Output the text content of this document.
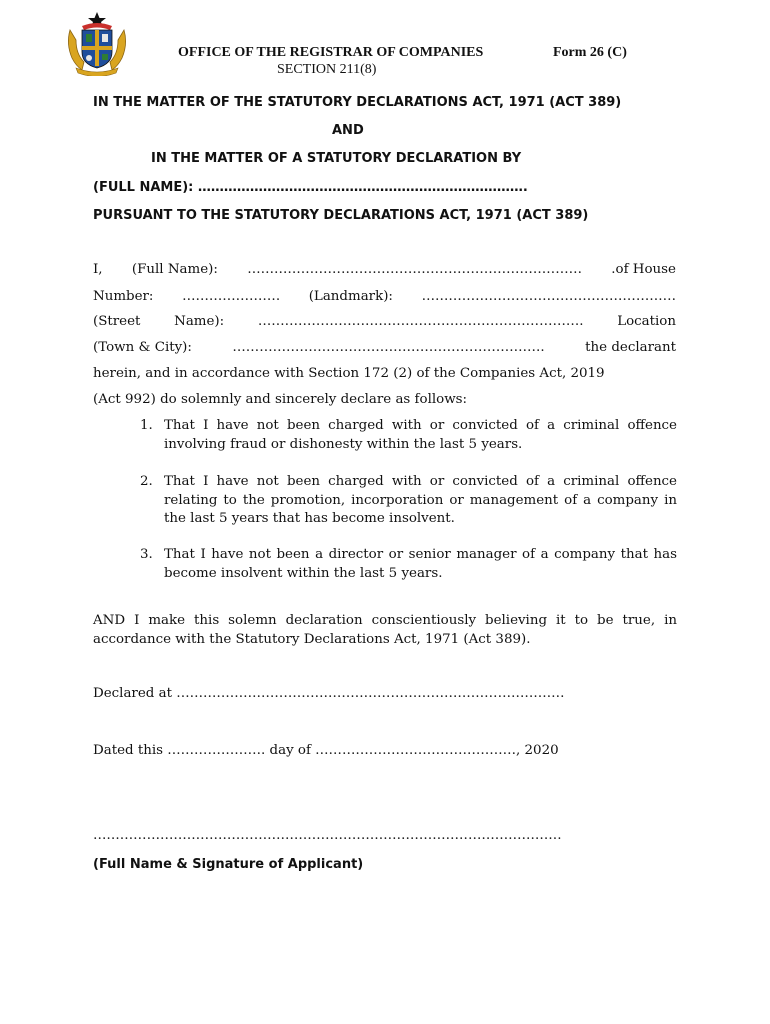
OFFICE OF THE REGISTRAR OF COMPANIES	Form 26 (C)
SECTION 211(8)
IN THE MATTER OF THE STATUTORY DECLARATIONS ACT, 1971 (ACT 389)
AND
IN THE MATTER OF A STATUTORY DECLARATION BY
(FULL NAME): ………………………………………………………………….
PURSUANT TO THE STATUTORY DECLARATIONS ACT, 1971 (ACT 389)
I, (Full Name): ………………………………………………………………… .of House
Number: …………………. (Landmark): …………………………………………………
(Street	Name):	……………………………………………………………….	Location
(Town & City):	…………………………………………………………….	the declarant
herein, and in accordance with Section 172 (2) of the Companies Act, 2019
(Act 992) do solemnly and sincerely declare as follows:
1. That I have not been charged with or convicted of a criminal offence involving fraud or dishonesty within the last 5 years.
2. That I have not been charged with or convicted of a criminal offence relating to the promotion, incorporation or management of a company in the last 5 years that has become insolvent.
3. That I have not been a director or senior manager of a company that has become insolvent within the last 5 years.
AND I make this solemn declaration conscientiously believing it to be true, in accordance with the Statutory Declarations Act, 1971 (Act 389).
Declared at ……………………………………………………………………………
Dated this …………………. day of ………………………………………, 2020
……………………………………………………………………………………………
(Full Name & Signature of Applicant)
